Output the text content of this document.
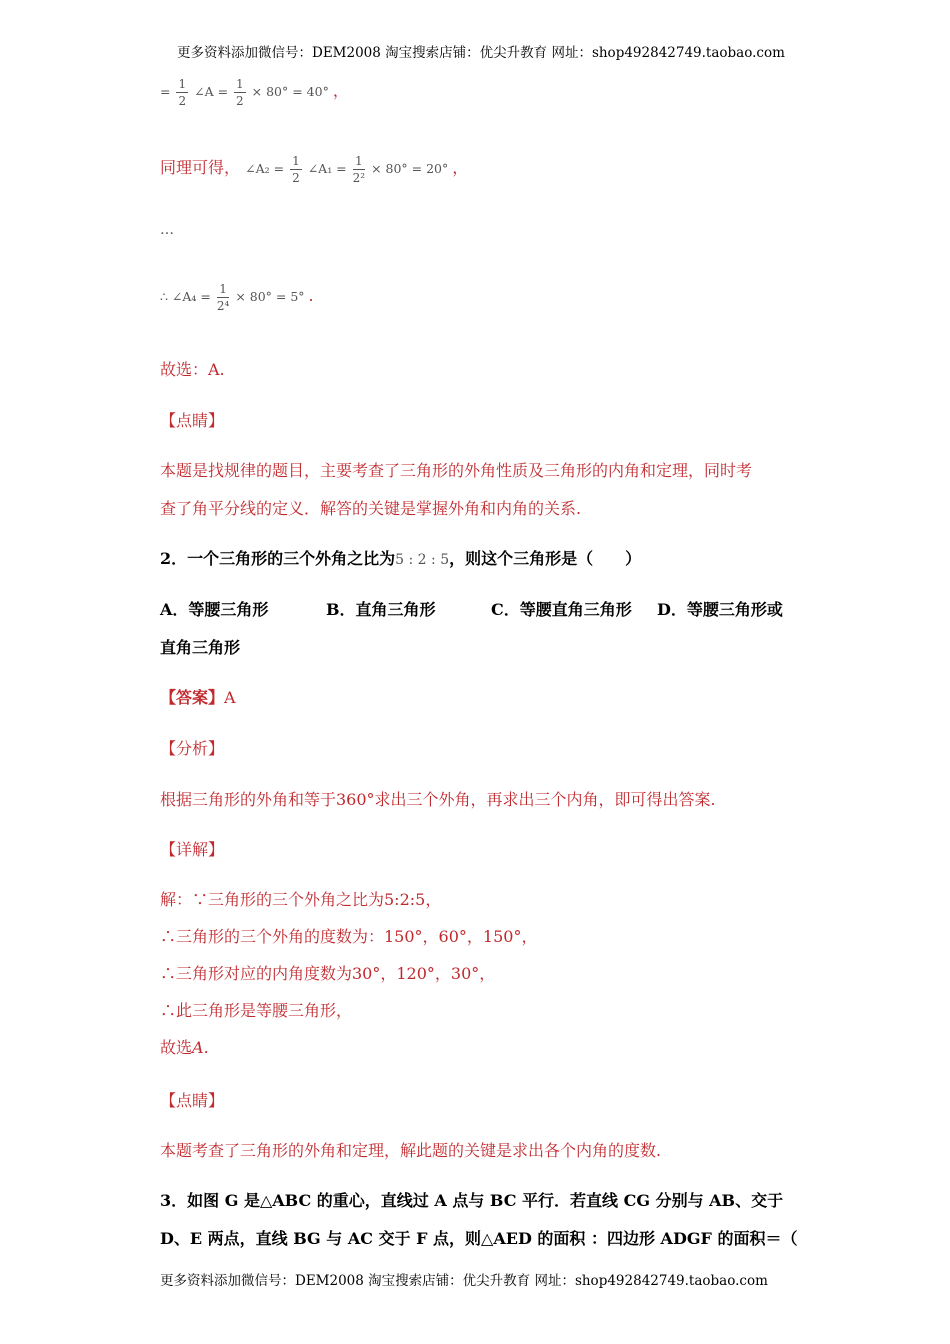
更多资料添加微信号：DEM2008 淘宝搜索店铺：优尖升教育 网址：shop492842749.taobao.com
= $\frac{1}{2}$ ∠A = $\frac{1}{2} \times 80^\circ = 40^\circ$ ，
同理可得， ∠A₂ = $\frac{1}{2}$ ∠A₁ = $\frac{1}{\text{2²}} \times 80^\circ = 20^\circ$ ，
…
∴ ∠A₄ = $\frac{1}{\text{2⁴}} \times 80^\circ = 5^\circ$ .
故选：A.
【点睛】
本题是找规律的题目，主要考查了三角形的外角性质及三角形的内角和定理，同时考
查了角平分线的定义．解答的关键是掌握外角和内角的关系.
2．一个三角形的三个外角之比为5 : 2 : 5，则这个三角形是（　　）
A．等腰三角形	B．直角三角形	C．等腰直角三角形 D．等腰三角形或
直角三角形
【答案】A
【分析】
根据三角形的外角和等于360°求出三个外角，再求出三个内角，即可得出答案.
【详解】
解：∵三角形的三个外角之比为5:2:5，
∴三角形的三个外角的度数为：150°，60°，150°，
∴三角形对应的内角度数为30°，120°，30°，
∴此三角形是等腰三角形，
故选A.
【点睛】
本题考查了三角形的外角和定理，解此题的关键是求出各个内角的度数.
3．如图 G 是△ABC 的重心，直线过 A 点与 BC 平行．若直线 CG 分别与 AB、交于
D、E 两点，直线 BG 与 AC 交于 F 点，则△AED 的面积 ：四边形 ADGF 的面积＝（
更多资料添加微信号：DEM2008 淘宝搜索店铺：优尖升教育 网址：shop492842749.taobao.com
